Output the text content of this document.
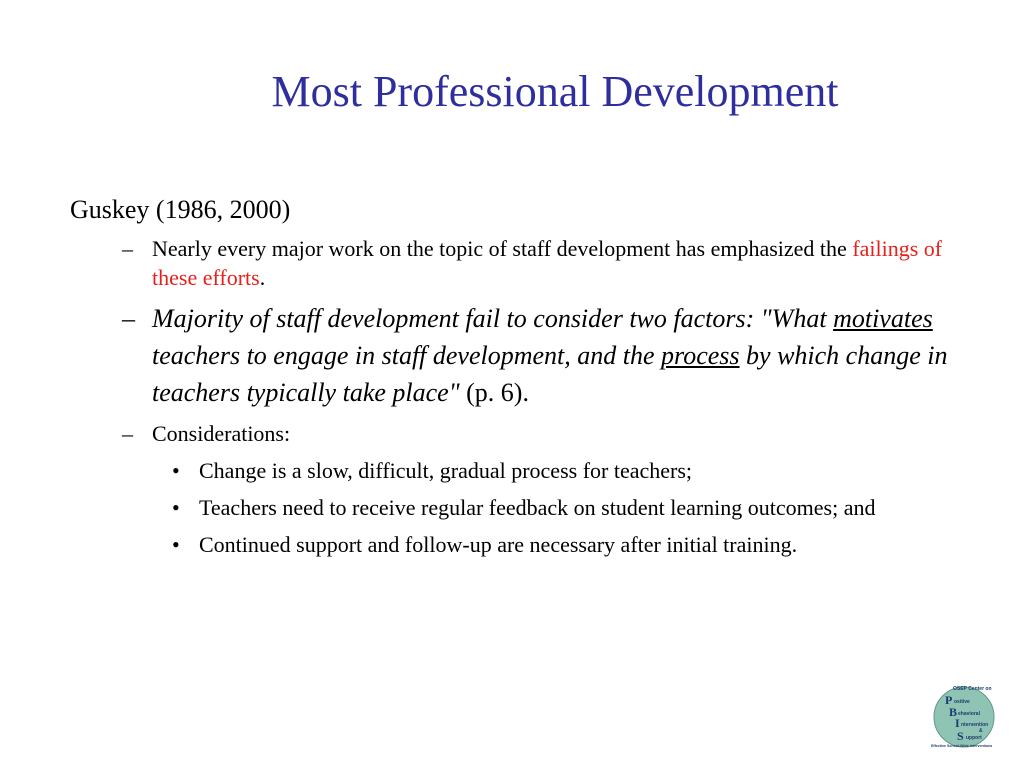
Most Professional Development

Guskey (1986, 2000)

– Nearly every major work on the topic of staff development has emphasized the failings of these efforts.

– Majority of staff development fail to consider two factors: "What motivates teachers to engage in staff development, and the process by which change in teachers typically take place" (p. 6).

– Considerations:

• Change is a slow, difficult, gradual process for teachers;

• Teachers need to receive regular feedback on student learning outcomes; and

• Continued support and follow-up are necessary after initial training.

OSEP Center on
P ositive
B ehavioral
I ntervention
&
S upport
Effective School-Wide Interventions
